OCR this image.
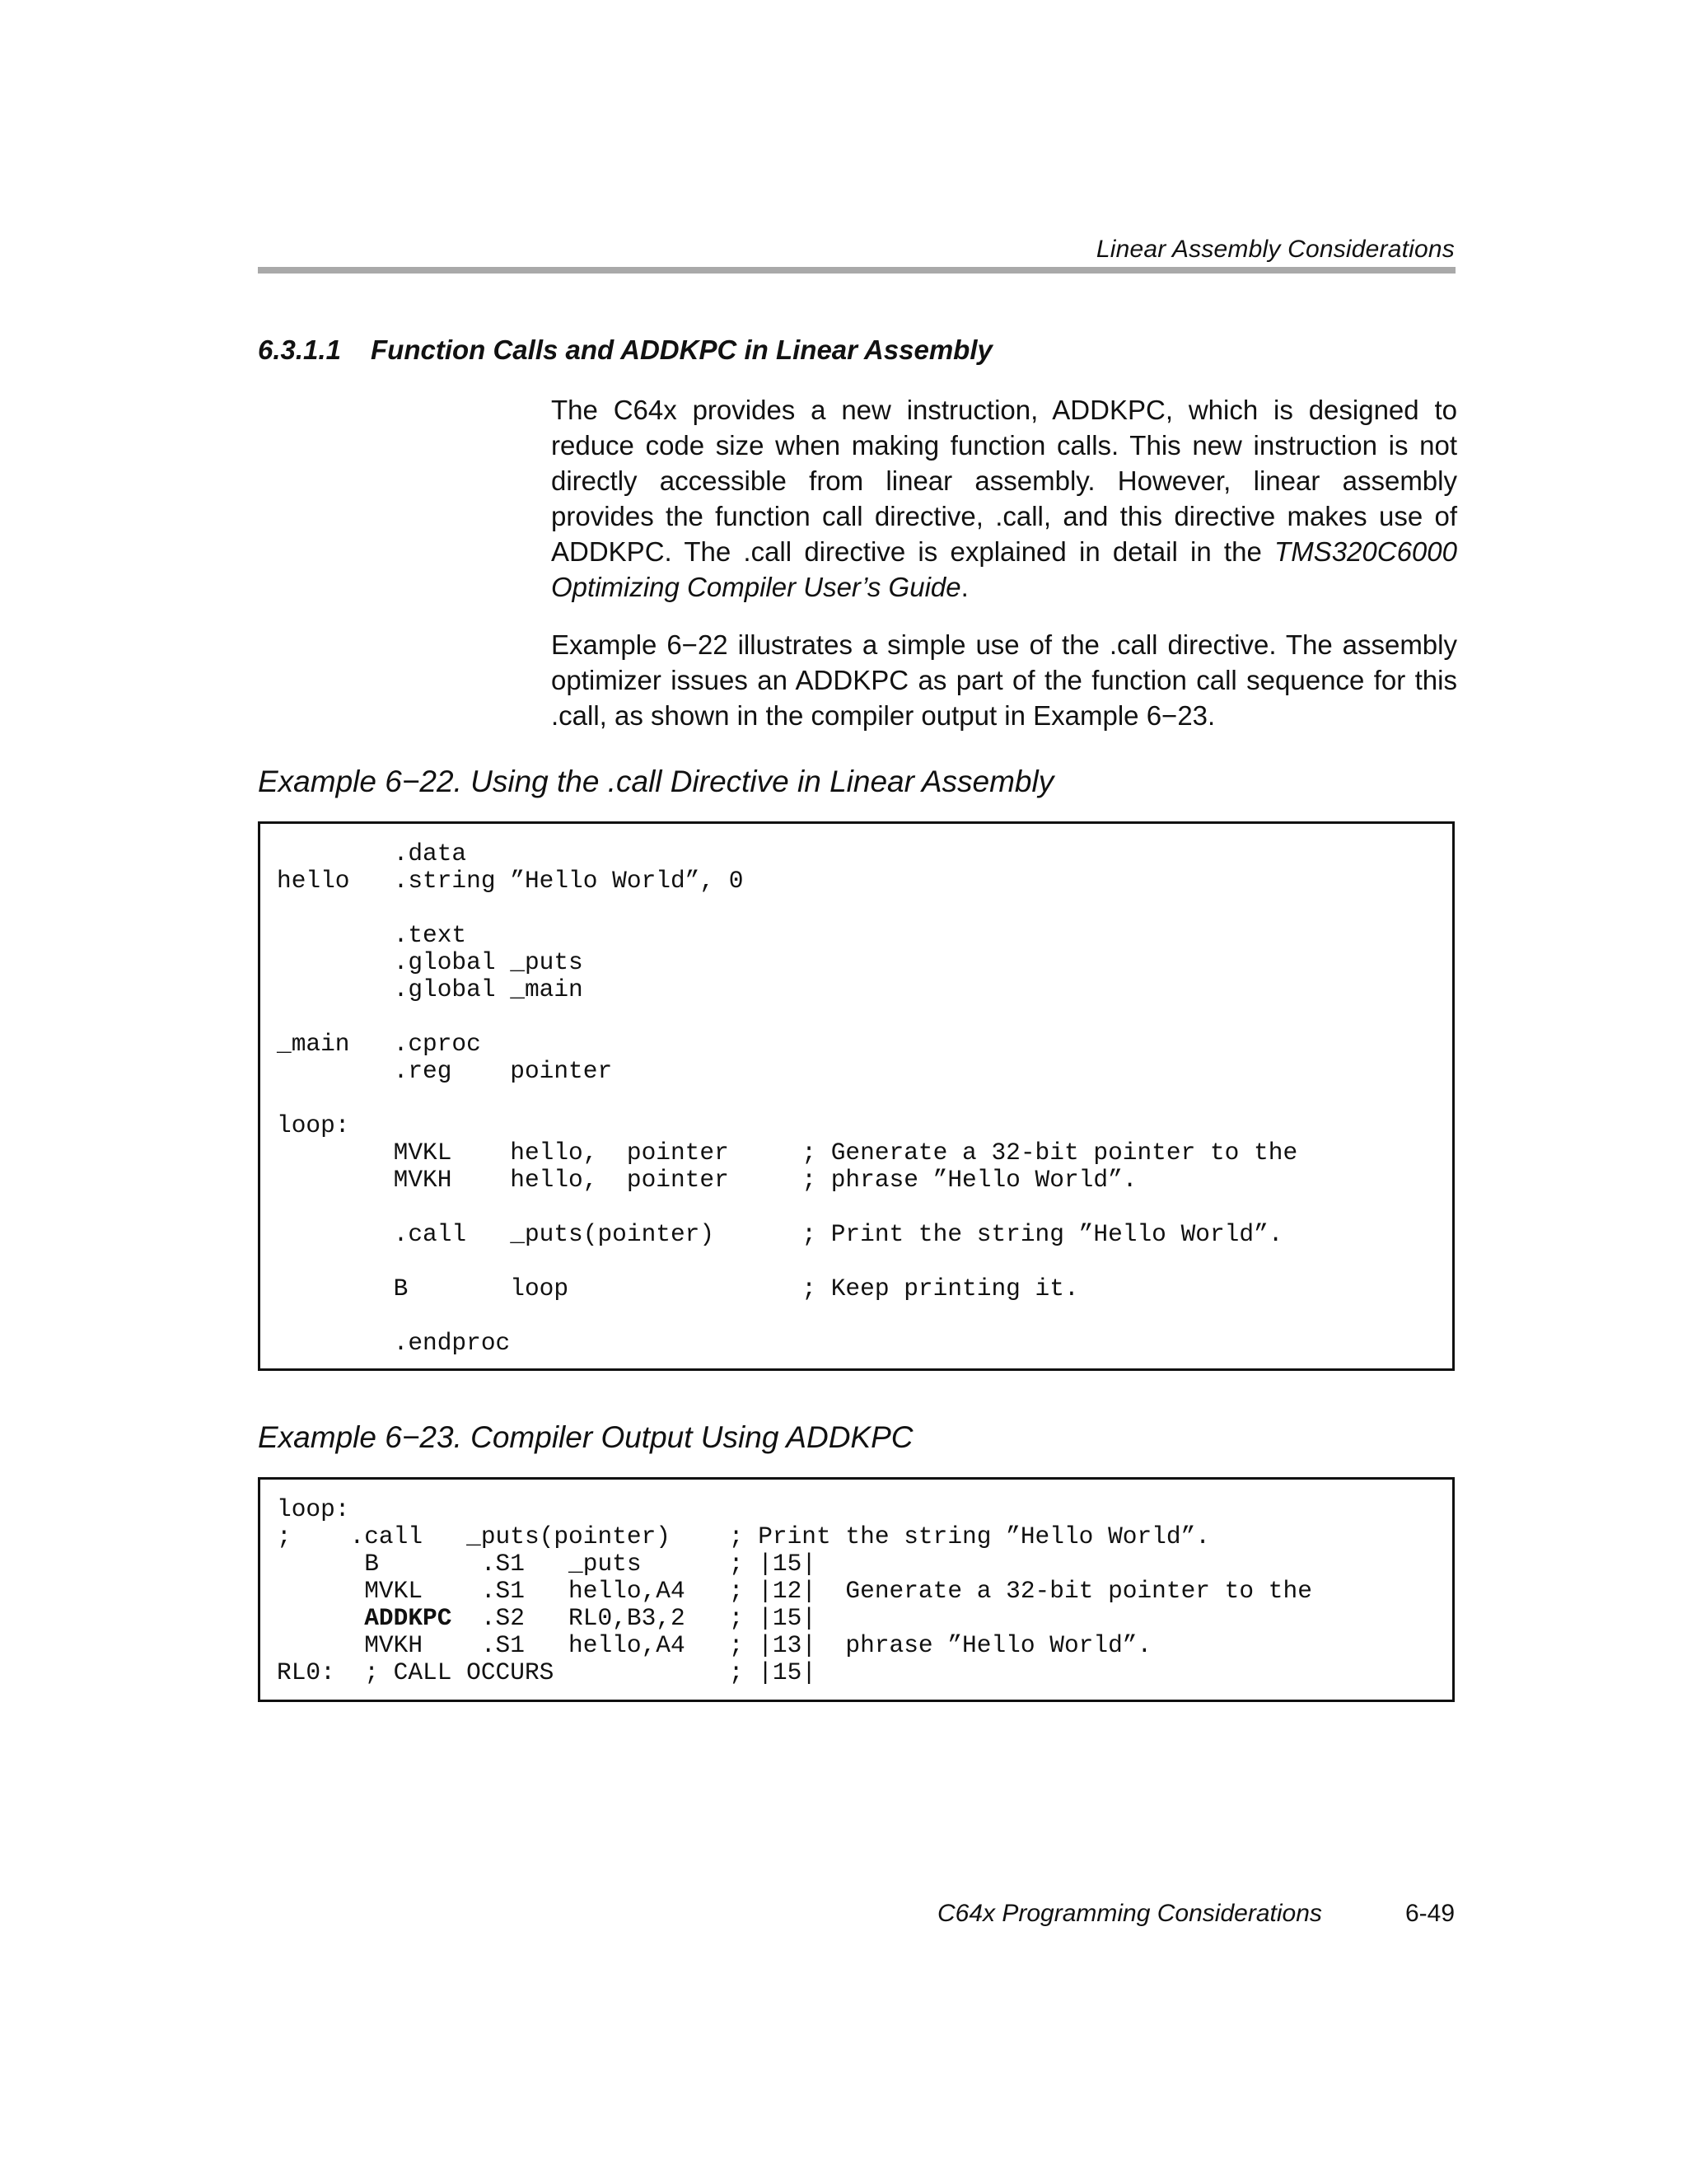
Linear Assembly Considerations
6.3.1.1 Function Calls and ADDKPC in Linear Assembly

The C64x provides a new instruction, ADDKPC, which is designed to reduce code size when making function calls. This new instruction is not directly accessible from linear assembly. However, linear assembly provides the function call directive, .call, and this directive makes use of ADDKPC. The .call directive is explained in detail in the TMS320C6000 Optimizing Compiler User’s Guide.

Example 6−22 illustrates a simple use of the .call directive. The assembly optimizer issues an ADDKPC as part of the function call sequence for this .call, as shown in the compiler output in Example 6−23.

Example 6−22. Using the .call Directive in Linear Assembly
.data
hello   .string ”Hello World”, 0
.text
.global _puts
.global _main
_main   .cproc
.reg    pointer
loop:
MVKL    hello,  pointer     ; Generate a 32-bit pointer to the
MVKH    hello,  pointer     ; phrase ”Hello World”.
.call   _puts(pointer)      ; Print the string ”Hello World”.
B       loop                ; Keep printing it.
.endproc
Example 6−23. Compiler Output Using ADDKPC
loop:
;    .call   _puts(pointer)    ; Print the string ”Hello World”.
B       .S1   _puts      ; |15|
MVKL    .S1   hello,A4   ; |12|  Generate a 32-bit pointer to the
ADDKPC  .S2   RL0,B3,2   ; |15|
MVKH    .S1   hello,A4   ; |13|  phrase ”Hello World”.
RL0:  ; CALL OCCURS            ; |15|
C64x Programming Considerations	6-49
